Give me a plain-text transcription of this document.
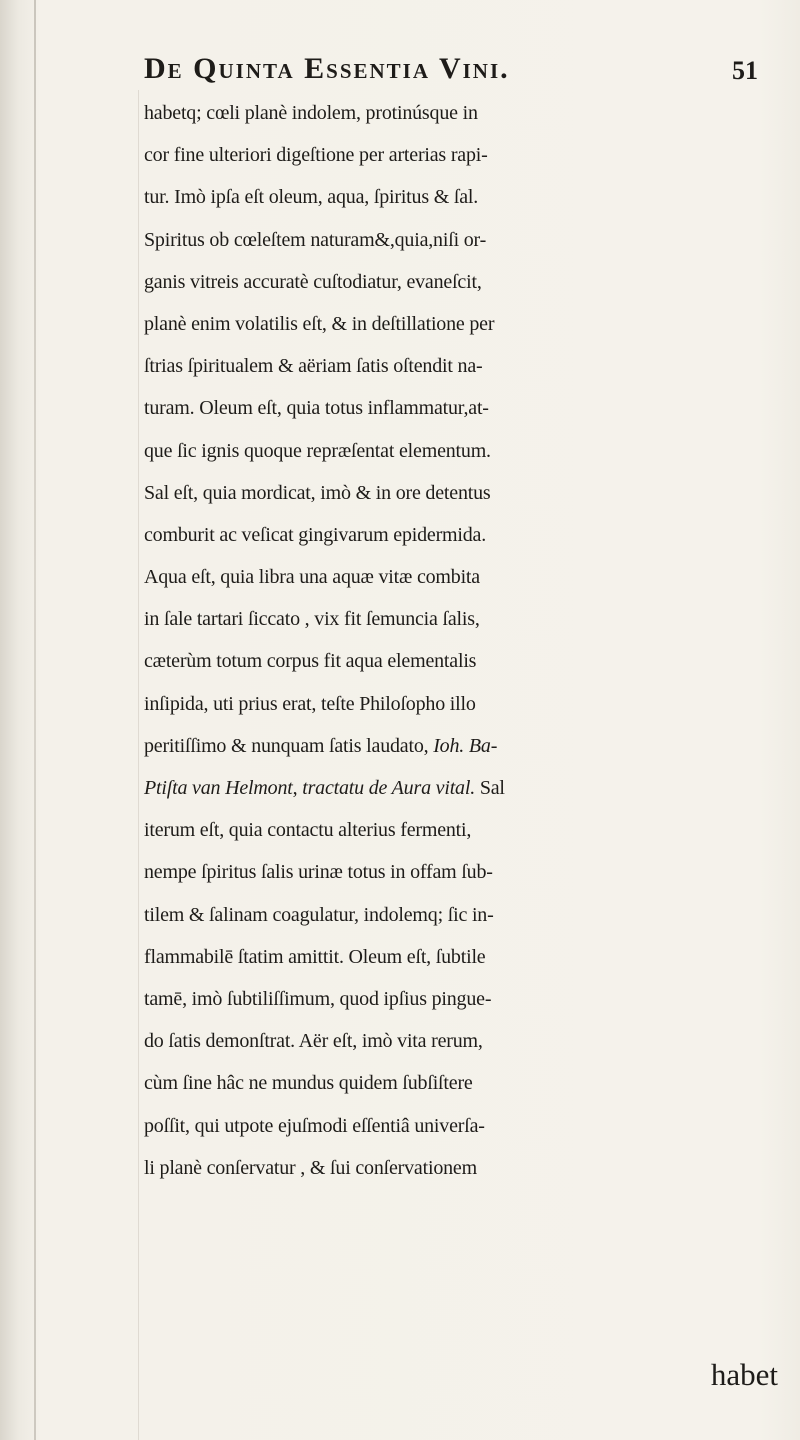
De Quinta Essentia Vini.	51
habetq; cœli planè indolem, protinúsque in
cor fine ulteriori digeſtione per arterias rapi-
tur. Imò ipſa eſt oleum, aqua, ſpiritus & ſal.
Spiritus ob cœleſtem naturam&,quia,niſi or-
ganis vitreis accuratè cuſtodiatur, evaneſcit,
planè enim volatilis eſt, & in deſtillatione per
ſtrias ſpiritualem & aëriam ſatis oſtendit na-
turam. Oleum eſt, quia totus inflammatur,at-
que ſic ignis quoque repræſentat elementum.
Sal eſt, quia mordicat, imò & in ore detentus
comburit ac veſicat gingivarum epidermida.
Aqua eſt, quia libra una aquæ vitæ combita
in ſale tartari ſiccato , vix fit ſemuncia ſalis,
cæterùm totum corpus fit aqua elementalis
inſipida, uti prius erat, teſte Philoſopho illo
peritiſſimo & nunquam ſatis laudato, Ioh. Ba-
Ptiſta van Helmont, tractatu de Aura vital. Sal
iterum eſt, quia contactu alterius fermenti,
nempe ſpiritus ſalis urinæ totus in offam ſub-
tilem & ſalinam coagulatur, indolemq; ſic in-
flammabilē ſtatim amittit. Oleum eſt, ſubtile
tamē, imò ſubtiliſſimum, quod ipſius pingue-
do ſatis demonſtrat. Aër eſt, imò vita rerum,
cùm ſine hâc ne mundus quidem ſubſiſtere
poſſit, qui utpote ejuſmodi eſſentiâ univerſa-
li planè conſervatur , & ſui conſervationem
habet
